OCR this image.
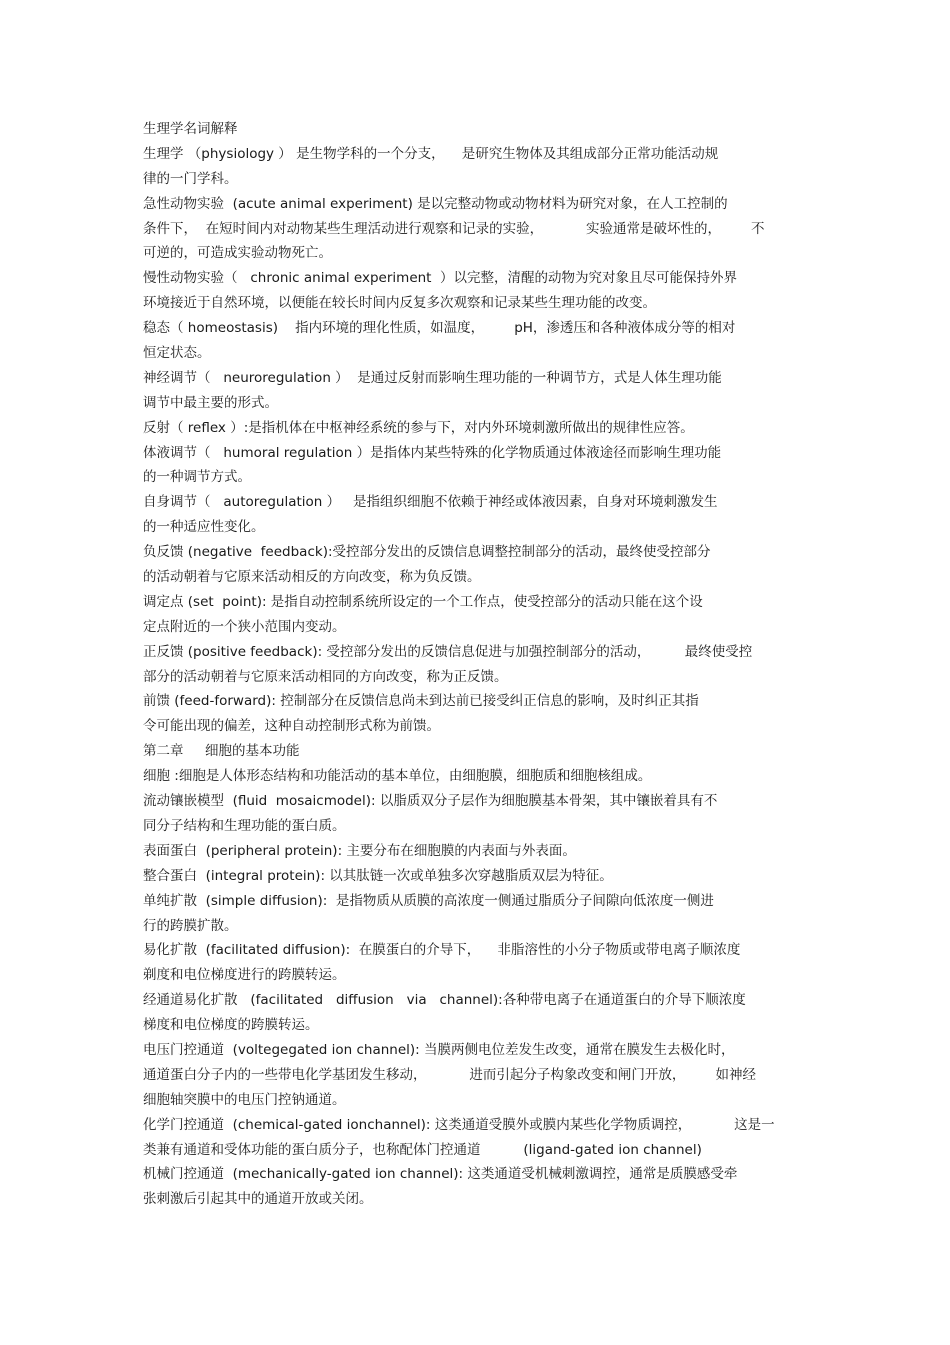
生理学名词解释
生理学 （physiology ） 是生物学科的一个分支，    是研究生物体及其组成部分正常功能活动规
律的一门学科。
急性动物实验  (acute animal experiment) 是以完整动物或动物材料为研究对象，在人工控制的
条件下，  在短时间内对动物某些生理活动进行观察和记录的实验，          实验通常是破坏性的，       不
可逆的，可造成实验动物死亡。
慢性动物实验（   chronic animal experiment  ）以完整，清醒的动物为究对象且尽可能保持外界
环境接近于自然环境，以便能在较长时间内反复多次观察和记录某些生理功能的改变。
稳态（ homeostasis)    指内环境的理化性质，如温度，       pH，渗透压和各种液体成分等的相对
恒定状态。
神经调节（   neuroregulation ）  是通过反射而影响生理功能的一种调节方，式是人体生理功能
调节中最主要的形式。
反射（ reflex ）:是指机体在中枢神经系统的参与下，对内外环境刺激所做出的规律性应答。
体液调节（   humoral regulation ）是指体内某些特殊的化学物质通过体液途径而影响生理功能
的一种调节方式。
自身调节（   autoregulation ）   是指组织细胞不依赖于神经或体液因素，自身对环境刺激发生
的一种适应性变化。
负反馈 (negative  feedback):受控部分发出的反馈信息调整控制部分的活动，最终使受控部分
的活动朝着与它原来活动相反的方向改变，称为负反馈。
调定点 (set  point): 是指自动控制系统所设定的一个工作点，使受控部分的活动只能在这个设
定点附近的一个狭小范围内变动。
正反馈 (positive feedback): 受控部分发出的反馈信息促进与加强控制部分的活动，        最终使受控
部分的活动朝着与它原来活动相同的方向改变，称为正反馈。
前馈 (feed-forward): 控制部分在反馈信息尚未到达前已接受纠正信息的影响，及时纠正其指
令可能出现的偏差，这种自动控制形式称为前馈。
第二章     细胞的基本功能
细胞 :细胞是人体形态结构和功能活动的基本单位，由细胞膜，细胞质和细胞核组成。
流动镶嵌模型  (fluid  mosaicmodel): 以脂质双分子层作为细胞膜基本骨架，其中镶嵌着具有不
同分子结构和生理功能的蛋白质。
表面蛋白  (peripheral protein): 主要分布在细胞膜的内表面与外表面。
整合蛋白  (integral protein): 以其肽链一次或单独多次穿越脂质双层为特征。
单纯扩散  (simple diffusion):  是指物质从质膜的高浓度一侧通过脂质分子间隙向低浓度一侧进
行的跨膜扩散。
易化扩散  (facilitated diffusion):  在膜蛋白的介导下，    非脂溶性的小分子物质或带电离子顺浓度
剃度和电位梯度进行的跨膜转运。
经通道易化扩散   (facilitated   diffusion   via   channel):各种带电离子在通道蛋白的介导下顺浓度
梯度和电位梯度的跨膜转运。
电压门控通道  (voltegegated ion channel): 当膜两侧电位差发生改变，通常在膜发生去极化时，
通道蛋白分子内的一些带电化学基团发生移动，          进而引起分子构象改变和闸门开放，       如神经
细胞轴突膜中的电压门控钠通道。
化学门控通道  (chemical-gated ionchannel): 这类通道受膜外或膜内某些化学物质调控，          这是一
类兼有通道和受体功能的蛋白质分子，也称配体门控通道          (ligand-gated ion channel)
机械门控通道  (mechanically-gated ion channel): 这类通道受机械刺激调控，通常是质膜感受牵
张刺激后引起其中的通道开放或关闭。
